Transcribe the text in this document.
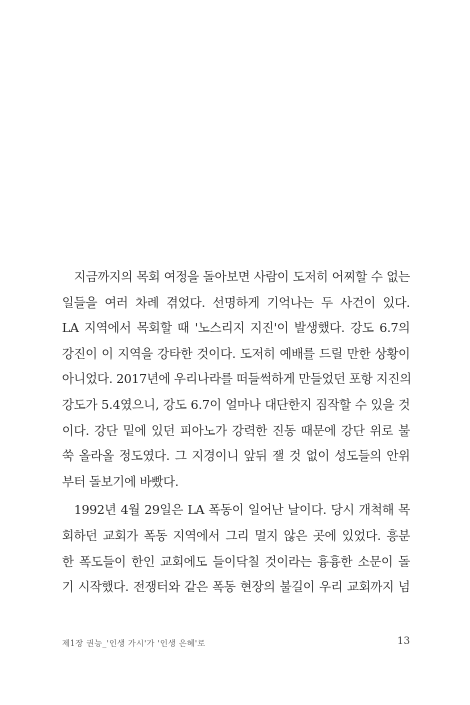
지금까지의 목회 여정을 돌아보면 사람이 도저히 어찌할 수 없는
일들을 여러 차례 겪었다. 선명하게 기억나는 두 사건이 있다.
LA 지역에서 목회할 때 '노스리지 지진'이 발생했다. 강도 6.7의
강진이 이 지역을 강타한 것이다. 도저히 예배를 드릴 만한 상황이
아니었다. 2017년에 우리나라를 떠들썩하게 만들었던 포항 지진의
강도가 5.4였으니, 강도 6.7이 얼마나 대단한지 짐작할 수 있을 것
이다. 강단 밑에 있던 피아노가 강력한 진동 때문에 강단 위로 불
쑥 올라올 정도였다. 그 지경이니 앞뒤 잴 것 없이 성도들의 안위
부터 돌보기에 바빴다.
1992년 4월 29일은 LA 폭동이 일어난 날이다. 당시 개척해 목
회하던 교회가 폭동 지역에서 그리 멀지 않은 곳에 있었다. 흥분
한 폭도들이 한인 교회에도 들이닥칠 것이라는 흉흉한 소문이 돌
기 시작했다. 전쟁터와 같은 폭동 현장의 불길이 우리 교회까지 넘
제1장 권능_'인생 가시'가 '인생 은혜'로	13
